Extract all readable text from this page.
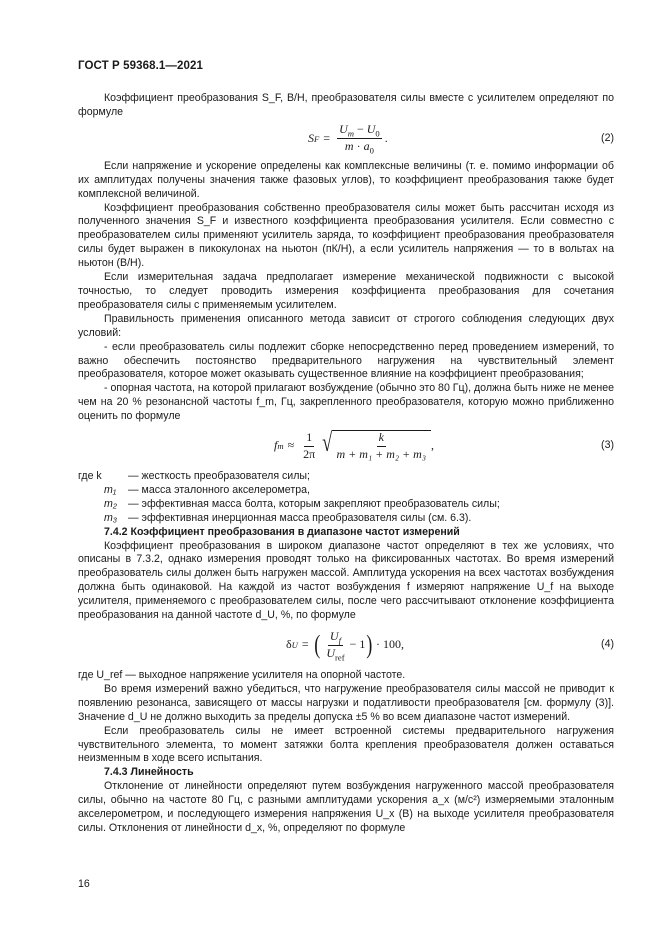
ГОСТ Р 59368.1—2021

Коэффициент преобразования S_F, В/Н, преобразователя силы вместе с усилителем определяют по формуле

S $F = \frac{U_m - U_0}{m \cdot a_0}$ .	(2)

Если напряжение и ускорение определены как комплексные величины (т. е. помимо информации об их амплитудах получены значения также фазовых углов), то коэффициент преобразования также будет комплексной величиной.

Коэффициент преобразования собственно преобразователя силы может быть рассчитан исходя из полученного значения S_F и известного коэффициента преобразования усилителя. Если совместно с преобразователем силы применяют усилитель заряда, то коэффициент преобразования преобразователя силы будет выражен в пикокулонах на ньютон (пК/Н), а если усилитель напряжения — то в вольтах на ньютон (В/Н).

Если измерительная задача предполагает измерение механической подвижности с высокой точностью, то следует проводить измерения коэффициента преобразования для сочетания преобразователя силы с применяемым усилителем.

Правильность применения описанного метода зависит от строгого соблюдения следующих двух условий:

- если преобразователь силы подлежит сборке непосредственно перед проведением измерений, то важно обеспечить постоянство предварительного нагружения на чувствительный элемент преобразователя, которое может оказывать существенное влияние на коэффициент преобразования;

- опорная частота, на которой прилагают возбуждение (обычно это 80 Гц), должна быть ниже не менее чем на 20 % резонансной частоты f_m, Гц, закрепленного преобразователя, которую можно приближенно оценить по формуле

f $m \approx \frac{1}{2\pi}$ √ $\frac{k}{\text{m + m₁ + m₂ + m₃}}$ ,	(3)
где k	— жесткость преобразователя силы;
m₁	— масса эталонного акселерометра,
m₂	— эффективная масса болта, которым закрепляют преобразователь силы;
m₃	— эффективная инерционная масса преобразователя силы (см. 6.3).

7.4.2 Коэффициент преобразования в диапазоне частот измерений

Коэффициент преобразования в широком диапазоне частот определяют в тех же условиях, что описаны в 7.3.2, однако измерения проводят только на фиксированных частотах. Во время измерений преобразователь силы должен быть нагружен массой. Амплитуда ускорения на всех частотах возбуждения должна быть одинаковой. На каждой из частот возбуждения f измеряют напряжение U_f на выходе усилителя, применяемого с преобразователем силы, после чего рассчитывают отклонение коэффициента преобразования на данной частоте d_U, %, по формуле

δ U = ( $\frac{U_f}{U_{ref}} - 1$ ) · 100,	(4)

где U_ref — выходное напряжение усилителя на опорной частоте.

Во время измерений важно убедиться, что нагружение преобразователя силы массой не приводит к появлению резонанса, зависящего от массы нагрузки и податливости преобразователя [см. формулу (3)]. Значение d_U не должно выходить за пределы допуска ±5 % во всем диапазоне частот измерений.

Если преобразователь силы не имеет встроенной системы предварительного нагружения чувствительного элемента, то момент затяжки болта крепления преобразователя должен оставаться неизменным в ходе всего испытания.

7.4.3 Линейность

Отклонение от линейности определяют путем возбуждения нагруженного массой преобразователя силы, обычно на частоте 80 Гц, с разными амплитудами ускорения a_x (м/с²) измеряемыми эталонным акселерометром, и последующего измерения напряжения U_x (В) на выходе усилителя преобразователя силы. Отклонения от линейности d_x, %, определяют по формуле

16
